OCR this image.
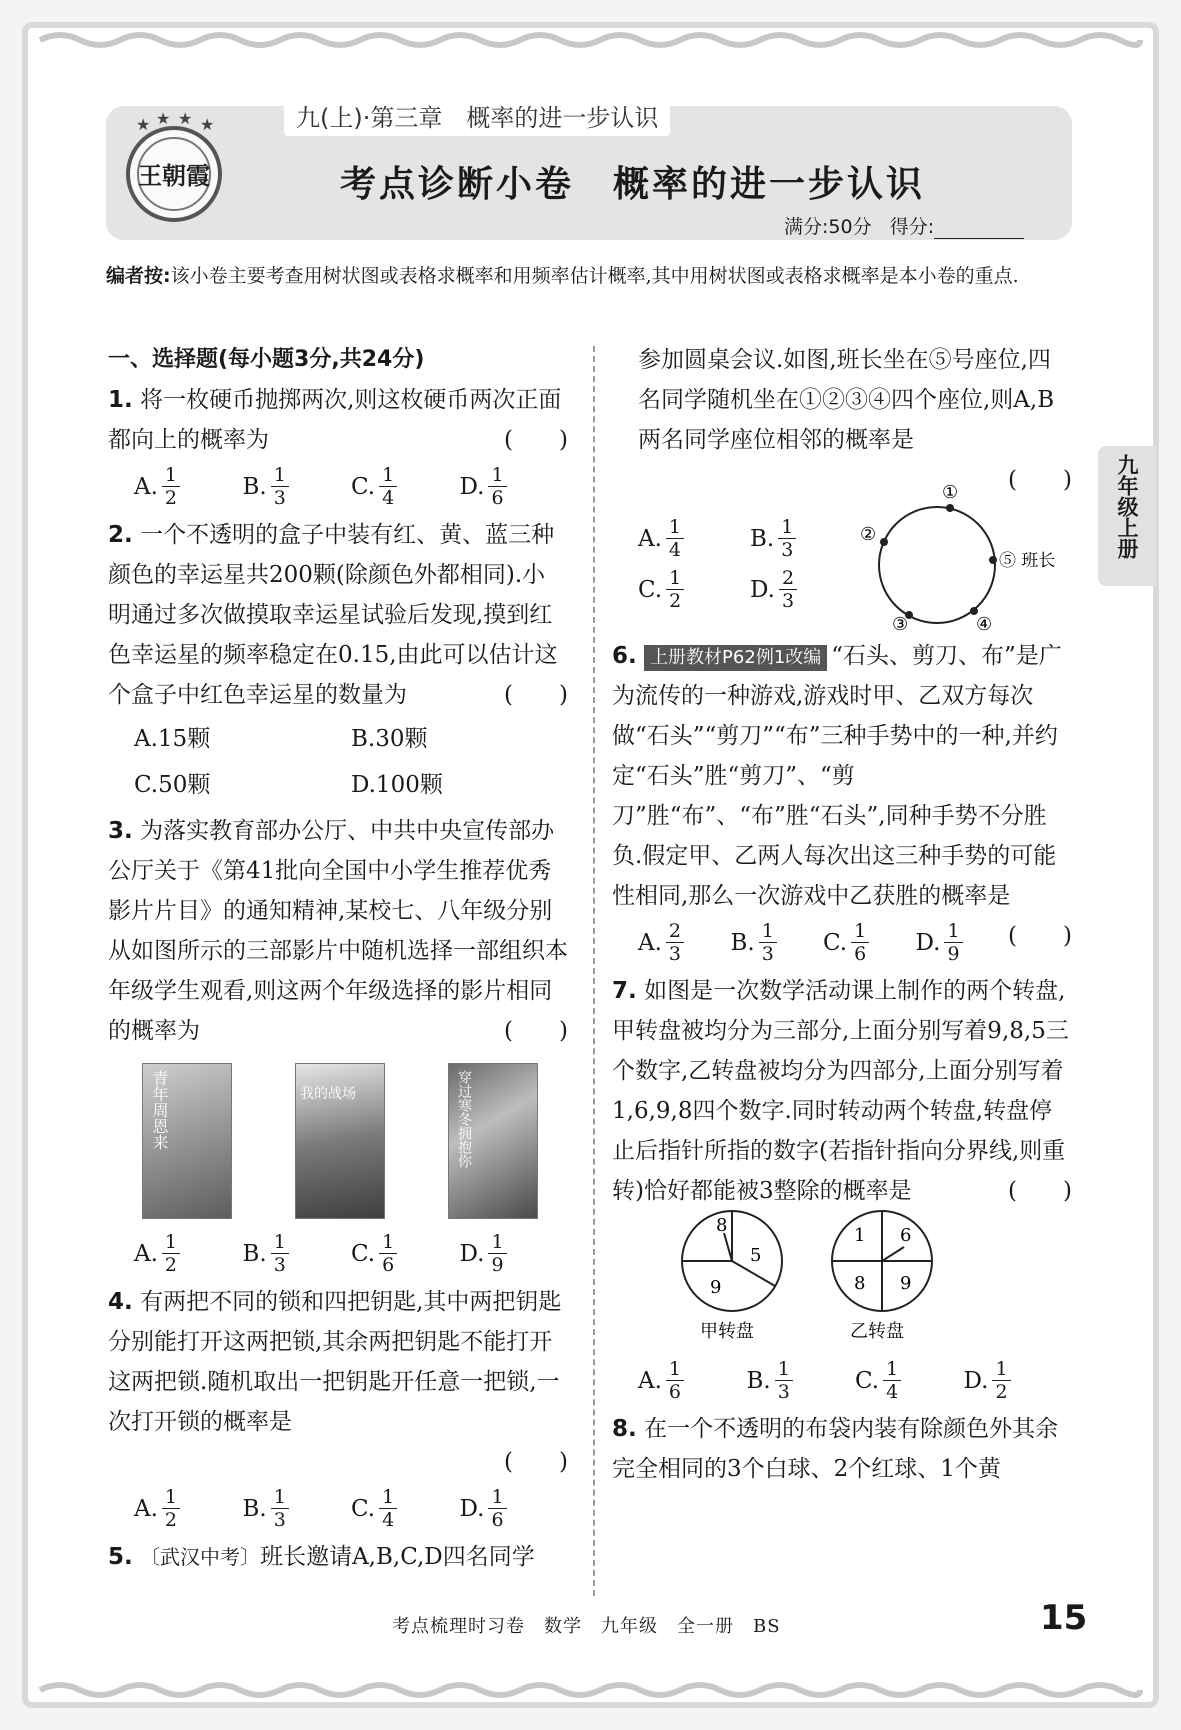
九(上)·第三章　概率的进一步认识
★ ★ ★ ★
王朝霞	考点诊断小卷　概率的进一步认识
满分:50分 得分:
编者按:该小卷主要考查用树状图或表格求概率和用频率估计概率,其中用树状图或表格求概率是本小卷的重点.
一、选择题(每小题3分,共24分)
1. 将一枚硬币抛掷两次,则这枚硬币两次正面都向上的概率为	(　　)
A. $\frac{1}{2}$	B. $\frac{1}{3}$	C. $\frac{1}{4}$	D. $\frac{1}{6}$
2. 一个不透明的盒子中装有红、黄、蓝三种颜色的幸运星共200颗(除颜色外都相同).小明通过多次做摸取幸运星试验后发现,摸到红色幸运星的频率稳定在0.15,由此可以估计这个盒子中红色幸运星的数量为	(　　)
A.15颗	B.30颗
C.50颗	D.100颗
3. 为落实教育部办公厅、中共中央宣传部办公厅关于《第41批向全国中小学生推荐优秀影片片目》的通知精神,某校七、八年级分别从如图所示的三部影片中随机选择一部组织本年级学生观看,则这两个年级选择的影片相同的概率为	(　　)
青年周恩来	我的战场	穿过寒冬拥抱你
A. $\frac{1}{2}$	B. $\frac{1}{3}$	C. $\frac{1}{6}$	D. $\frac{1}{9}$
4. 有两把不同的锁和四把钥匙,其中两把钥匙分别能打开这两把锁,其余两把钥匙不能打开这两把锁.随机取出一把钥匙开任意一把锁,一次打开锁的概率是
(　　)
A. $\frac{1}{2}$	B. $\frac{1}{3}$	C. $\frac{1}{4}$	D. $\frac{1}{6}$
5. 〔武汉中考〕班长邀请A,B,C,D四名同学
参加圆桌会议.如图,班长坐在⑤号座位,四名同学随机坐在①②③④四个座位,则A,B两名同学座位相邻的概率是
(　　)
A. $\frac{1}{4}$	B. $\frac{1}{3}$
C. $\frac{1}{2}$	D. $\frac{2}{3}$
①
②
③	④
⑤ 班长
6. 上册教材P62例1改编 “石头、剪刀、布”是广为流传的一种游戏,游戏时甲、乙双方每次做“石头”“剪刀”“布”三种手势中的一种,并约定“石头”胜“剪刀”、“剪刀”胜“布”、“布”胜“石头”,同种手势不分胜负.假定甲、乙两人每次出这三种手势的可能性相同,那么一次游戏中乙获胜的概率是
(　　)
A. $\frac{2}{3} B$. $\frac{1}{3} C$. $\frac{1}{6} D$. $\frac{1}{9}$
7. 如图是一次数学活动课上制作的两个转盘,甲转盘被均分为三部分,上面分别写着9,8,5三个数字,乙转盘被均分为四部分,上面分别写着1,6,9,8四个数字.同时转动两个转盘,转盘停止后指针所指的数字(若指针指向分界线,则重转)恰好都能被3整除的概率是	(　　)
8
5
9
甲转盘
1 6
8 9
乙转盘
A. $\frac{1}{6}$	B. $\frac{1}{3}$	C. $\frac{1}{4}$	D. $\frac{1}{2}$
8. 在一个不透明的布袋内装有除颜色外其余完全相同的3个白球、2个红球、1个黄
九年级上册
考点梳理时习卷　数学　九年级　全一册　BS	15
